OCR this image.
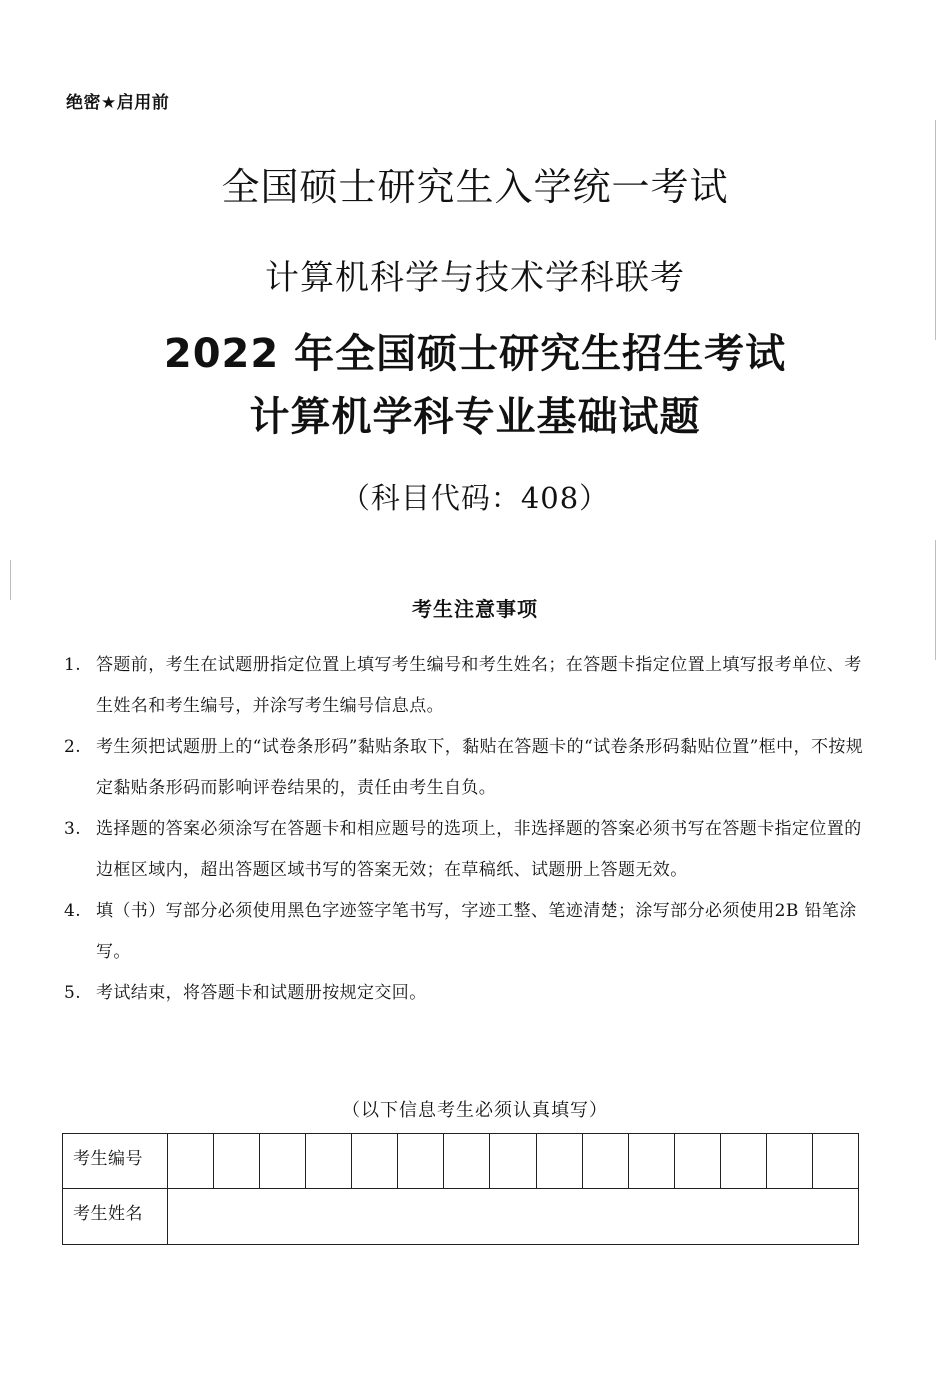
绝密★启用前
全国硕士研究生入学统一考试
计算机科学与技术学科联考
2022 年全国硕士研究生招生考试
计算机学科专业基础试题
（科目代码：408）
考生注意事项
1. 答题前，考生在试题册指定位置上填写考生编号和考生姓名；在答题卡指定位置上填写报考单位、考生姓名和考生编号，并涂写考生编号信息点。
2. 考生须把试题册上的“试卷条形码”黏贴条取下，黏贴在答题卡的“试卷条形码黏贴位置”框中，不按规定黏贴条形码而影响评卷结果的，责任由考生自负。
3. 选择题的答案必须涂写在答题卡和相应题号的选项上，非选择题的答案必须书写在答题卡指定位置的边框区域内，超出答题区域书写的答案无效；在草稿纸、试题册上答题无效。
4. 填（书）写部分必须使用黑色字迹签字笔书写，字迹工整、笔迹清楚；涂写部分必须使用2B 铅笔涂写。
5. 考试结束，将答题卡和试题册按规定交回。
（以下信息考生必须认真填写）
考生编号
考生姓名
